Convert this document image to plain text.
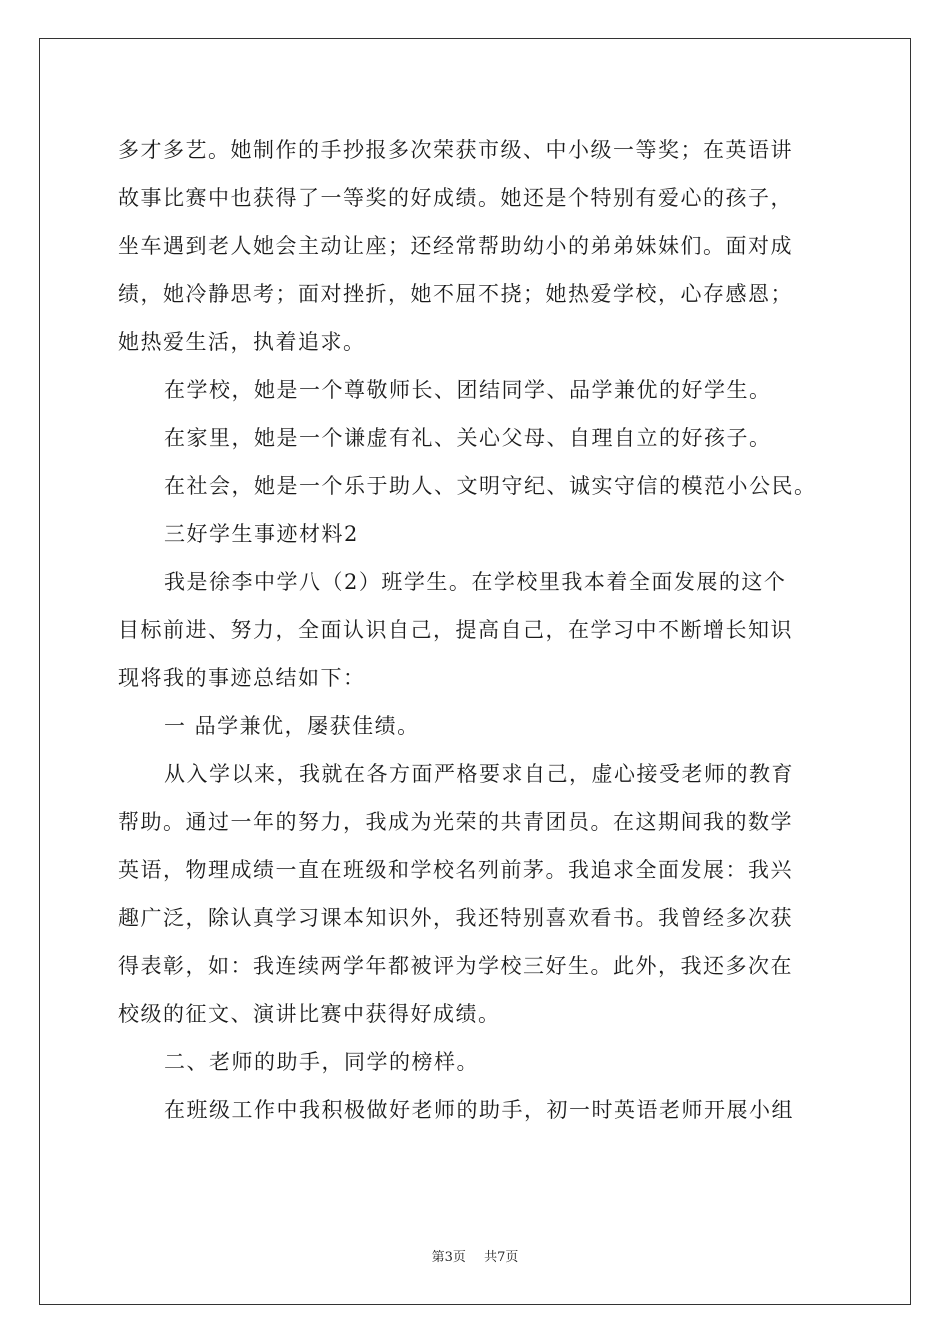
多才多艺。她制作的手抄报多次荣获市级、中小级一等奖；在英语讲
故事比赛中也获得了一等奖的好成绩。她还是个特别有爱心的孩子，
坐车遇到老人她会主动让座；还经常帮助幼小的弟弟妹妹们。面对成
绩，她冷静思考；面对挫折，她不屈不挠；她热爱学校，心存感恩；
她热爱生活，执着追求。
在学校，她是一个尊敬师长、团结同学、品学兼优的好学生。
在家里，她是一个谦虚有礼、关心父母、自理自立的好孩子。
在社会，她是一个乐于助人、文明守纪、诚实守信的模范小公民。
三好学生事迹材料2
我是徐李中学八（2）班学生。在学校里我本着全面发展的这个
目标前进、努力，全面认识自己，提高自己，在学习中不断增长知识
现将我的事迹总结如下：
一 品学兼优，屡获佳绩。
从入学以来，我就在各方面严格要求自己，虚心接受老师的教育
帮助。通过一年的努力，我成为光荣的共青团员。在这期间我的数学
英语，物理成绩一直在班级和学校名列前茅。我追求全面发展：我兴
趣广泛，除认真学习课本知识外，我还特别喜欢看书。我曾经多次获
得表彰，如：我连续两学年都被评为学校三好生。此外，我还多次在
校级的征文、演讲比赛中获得好成绩。
二、老师的助手，同学的榜样。
在班级工作中我积极做好老师的助手，初一时英语老师开展小组
第3页 共7页
